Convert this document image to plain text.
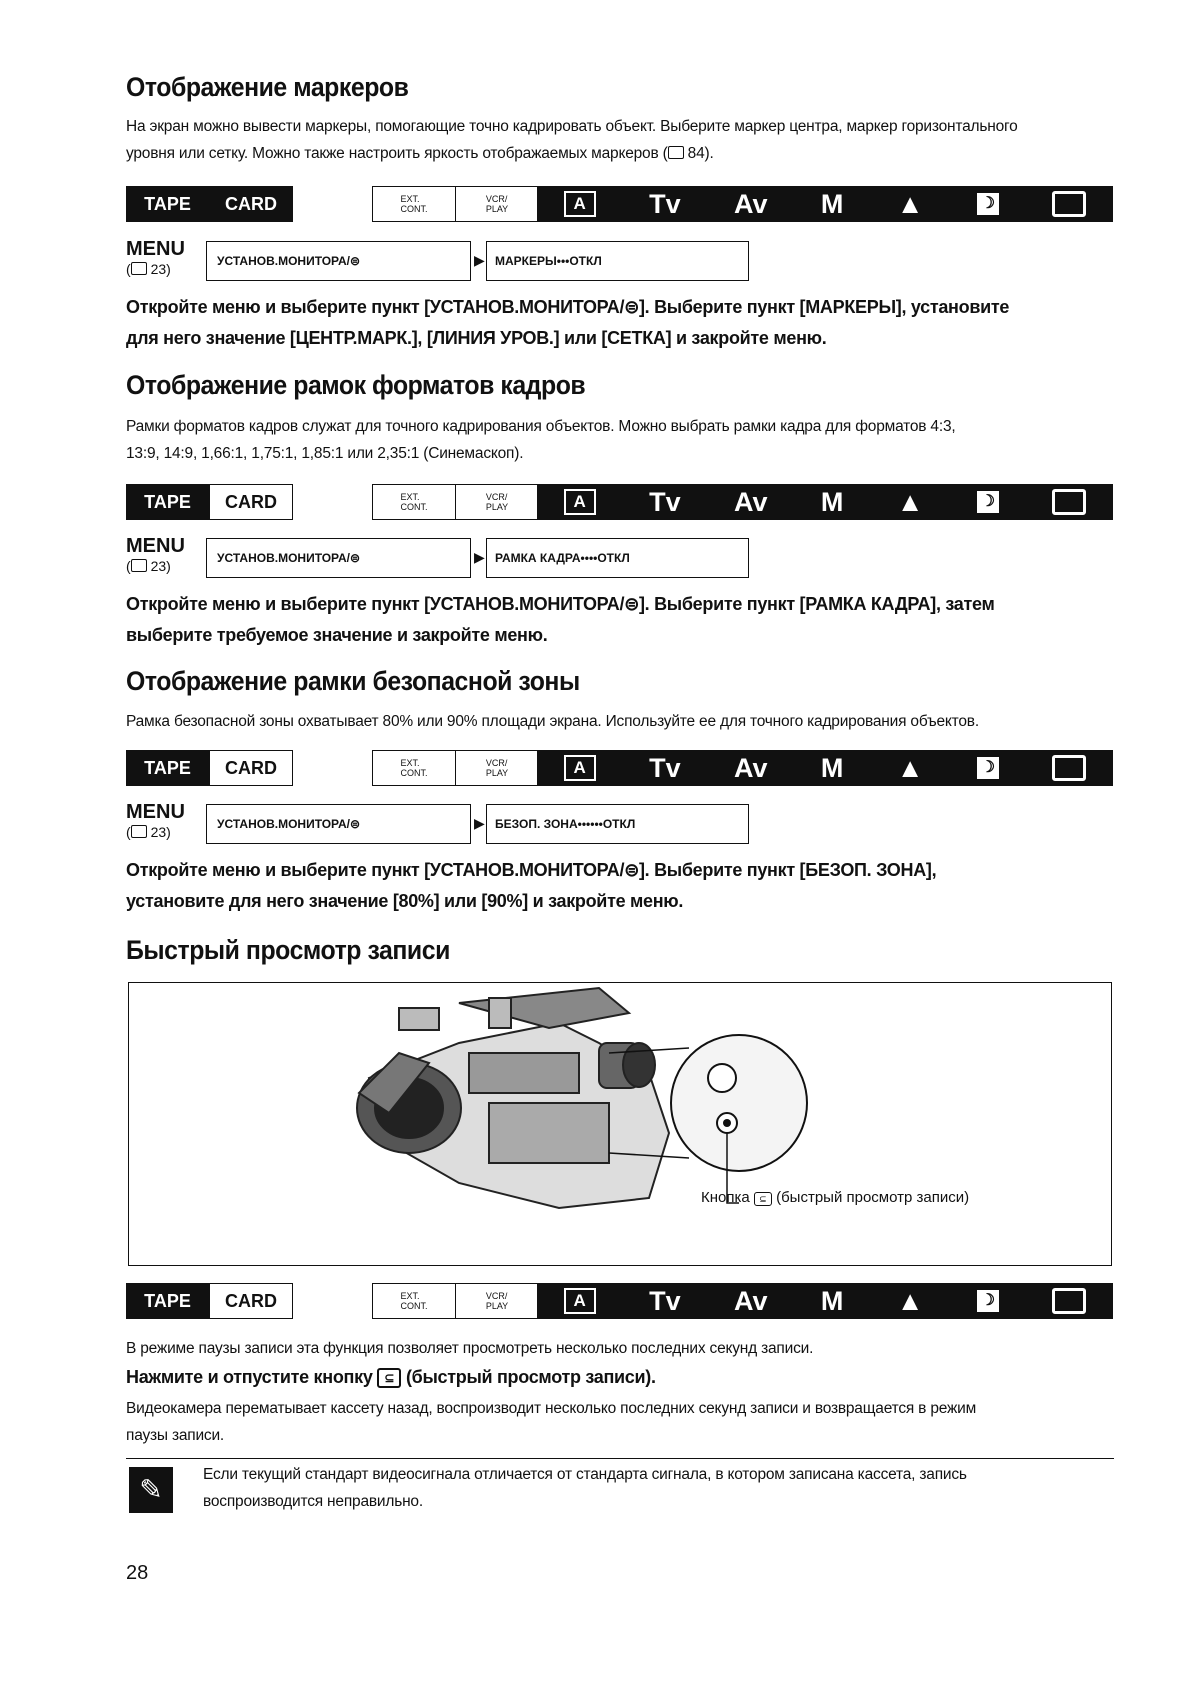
Отображение маркеров
На экран можно вывести маркеры, помогающие точно кадрировать объект. Выберите маркер центра, маркер горизонтального
уровня или сетку. Можно также настроить яркость отображаемых маркеров ( 84).
TAPE	CARD	EXT.
CONT.
VCR/
PLAY	A	Tv Av M ▲	☽
MENU
( 23)	УСТАНОВ.МОНИТОРА/ ⊜	▶ МАРКЕРЫ•••ОТКЛ
Откройте меню и выберите пункт [УСТАНОВ.МОНИТОРА/⊜]. Выберите пункт [МАРКЕРЫ], установите
для него значение [ЦЕНТР.МАРК.], [ЛИНИЯ УРОВ.] или [СЕТКА] и закройте меню.
Отображение рамок форматов кадров
Рамки форматов кадров служат для точного кадрирования объектов. Можно выбрать рамки кадра для форматов 4:3,
13:9, 14:9, 1,66:1, 1,75:1, 1,85:1 или 2,35:1 (Синемаскоп).
TAPE	CARD	EXT.
CONT.
VCR/
PLAY	A	Tv Av M ▲	☽
MENU
( 23)	УСТАНОВ.МОНИТОРА/ ⊜	▶ РАМКА КАДРА••••ОТКЛ
Откройте меню и выберите пункт [УСТАНОВ.МОНИТОРА/⊜]. Выберите пункт [РАМКА КАДРА], затем
выберите требуемое значение и закройте меню.
Отображение рамки безопасной зоны
Рамка безопасной зоны охватывает 80% или 90% площади экрана. Используйте ее для точного кадрирования объектов.
TAPE	CARD	EXT.
CONT.
VCR/
PLAY	A	Tv Av M ▲	☽
MENU
( 23)	УСТАНОВ.МОНИТОРА/ ⊜	▶ БЕЗОП. ЗОНА••••••ОТКЛ
Откройте меню и выберите пункт [УСТАНОВ.МОНИТОРА/⊜]. Выберите пункт [БЕЗОП. ЗОНА],
установите для него значение [80%] или [90%] и закройте меню.
Быстрый просмотр записи
Кнопка ⊆ (быстрый просмотр записи)
TAPE	CARD	EXT.
CONT.
VCR/
PLAY	A	Tv Av M ▲	☽
В режиме паузы записи эта функция позволяет просмотреть несколько последних секунд записи.
Нажмите и отпустите кнопку ⊆ (быстрый просмотр записи).
Видеокамера перематывает кассету назад, воспроизводит несколько последних секунд записи и возвращается в режим
паузы записи.
✎	Если текущий стандарт видеосигнала отличается от стандарта сигнала, в котором записана кассета, запись
воспроизводится неправильно.
28
